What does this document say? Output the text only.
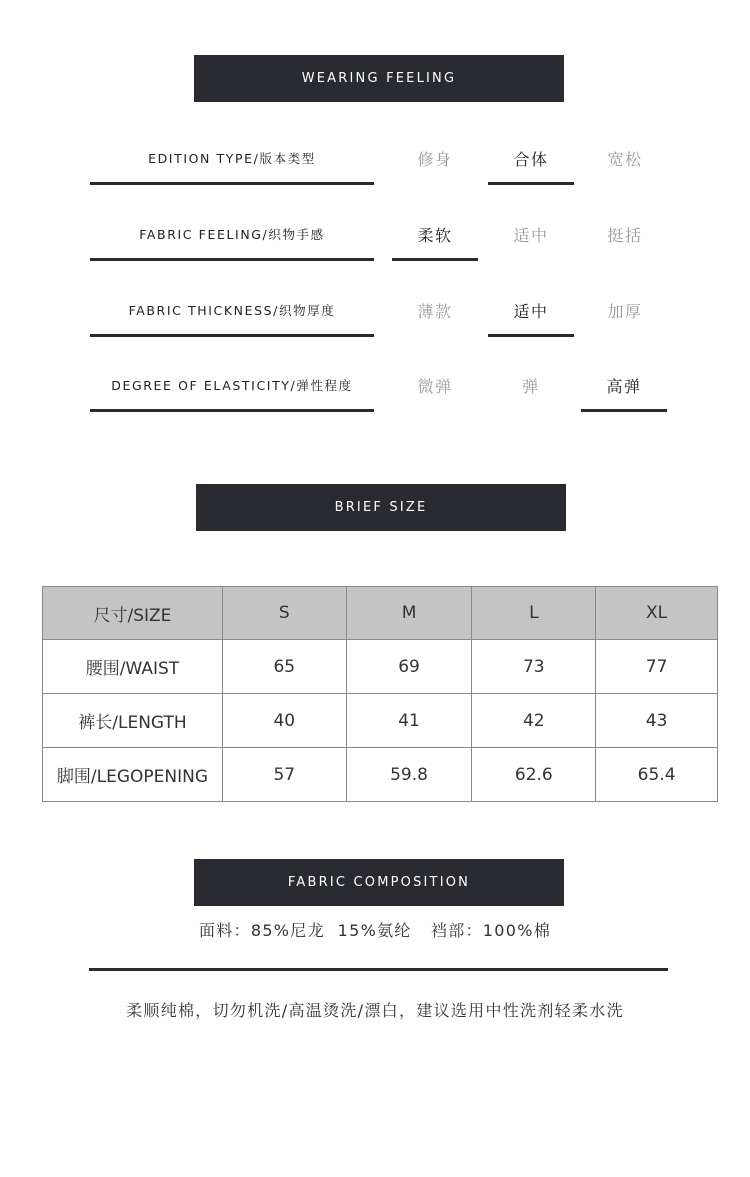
WEARING FEELING
EDITION TYPE/版本类型	修身	合体	宽松
FABRIC FEELING/织物手感	柔软	适中	挺括
FABRIC THICKNESS/织物厚度	薄款	适中	加厚
DEGREE OF ELASTICITY/弹性程度	微弹	弹	高弹
BRIEF SIZE
尺寸/SIZE	S	M	L	XL
腰围/WAIST	65	69	73	77
裤长/LENGTH	40	41	42	43
脚围/LEGOPENING	57	59.8	62.6	65.4
FABRIC COMPOSITION
面料：85%尼龙  15%氨纶   裆部：100%棉
柔顺纯棉，切勿机洗/高温烫洗/漂白，建议选用中性洗剂轻柔水洗
